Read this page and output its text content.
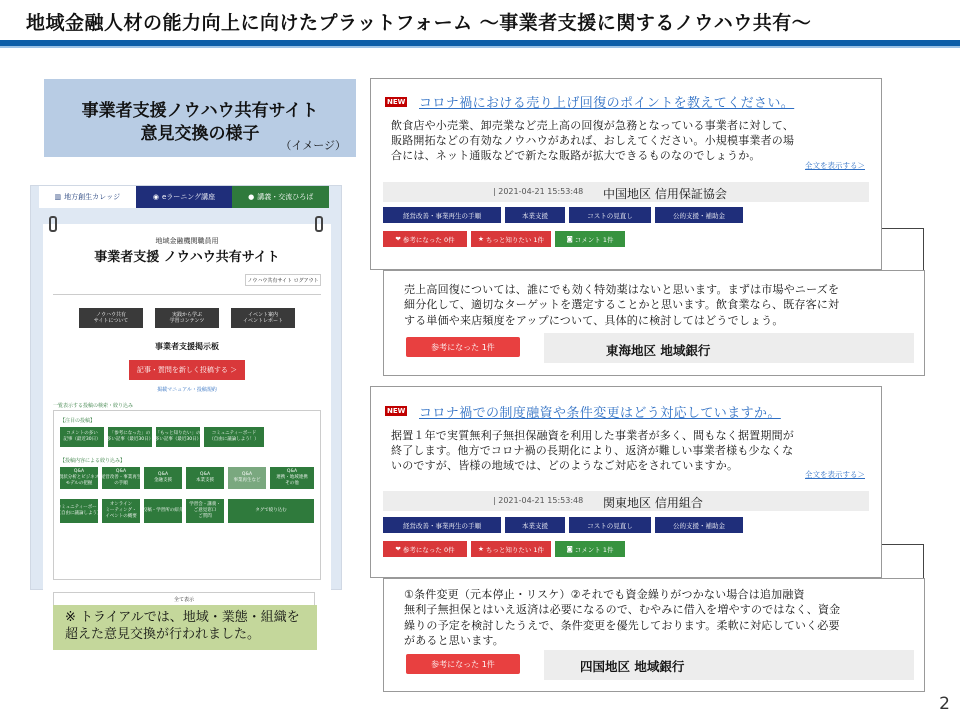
地域金融人材の能力向上に向けたプラットフォーム ～事業者支援に関するノウハウ共有～
事業者支援ノウハウ共有サイト
意見交換の様子
（イメージ）
▥ 地方創生カレッジ	◉ eラーニング講座	● 講義・交流ひろば
地域金融機関職員用
事業者支援 ノウハウ共有サイト
ノウハウ共有サイト ログアウト
ノウハウ共有
サイトについて
実践から学ぶ
学習コンテンツ
イベント案内
イベントレポート
事業者支援掲示板
記事・質問を新しく投稿する ＞
掲載マニュアル・投稿規約
一覧表示する投稿の検索・絞り込み
【注目の投稿】
コメントの多い
記事（最近30日）
「参考になった」の
多い記事（最近30日）
「もっと知りたい」の
多い記事（最近30日）
コミュニティーボード
（自由に議論しよう！）
【投稿内容による絞り込み】
Q&A
現状分析とビジネス
モデルの把握
Q&A
経営改善・事業再生
の手順
Q&A
金融支援
Q&A
本業支援
Q&A
事業再生など
Q&A
連携・地域連携
その他
コミュニティーボード
（自由に議論しよう）
オンライン
ミーティング・
イベントの概要
投稿・学習所の紹介
学習会・講義・
ご意見窓口
ご質問
タグで絞り込む
全て表示
※ トライアルでは、地域・業態・組織を
超えた意見交換が行われました。
NEW コロナ禍における売り上げ回復のポイントを教えてください。
飲食店や小売業、卸売業など売上高の回復が急務となっている事業者に対して、
販路開拓などの有効なノウハウがあれば、おしえてください。小規模事業者の場
合には、ネット通販などで新たな販路が拡大できるものなのでしょうか。
全文を表示する＞
| 2021-04-21 15:53:48 中国地区 信用保証協会
経営改善・事業再生の手順	本業支援	コストの見直し	公的支援・補助金
❤ 参考になった 0件	★ ちっと知りたい 1件	◙ コメント 1件
売上高回復については、誰にでも効く特効薬はないと思います。まずは市場やニーズを
細分化して、適切なターゲットを選定することかと思います。飲食業なら、既存客に対
する単価や来店頻度をアップについて、具体的に検討してはどうでしょう。
参考になった 1件	東海地区 地域銀行
NEW コロナ禍での制度融資や条件変更はどう対応していますか。
据置１年で実質無利子無担保融資を利用した事業者が多く、間もなく据置期間が
終了します。他方でコロナ禍の長期化により、返済が難しい事業者様も少なくな
いのですが、皆様の地域では、どのようなご対応をされていますか。
全文を表示する＞
| 2021-04-21 15:53:48 関東地区 信用組合
経営改善・事業再生の手順	本業支援	コストの見直し	公的支援・補助金
❤ 参考になった 0件	★ ちっと知りたい 1件	◙ コメント 1件
①条件変更（元本停止・リスケ）②それでも資金繰りがつかない場合は追加融資
無利子無担保とはいえ返済は必要になるので、むやみに借入を増やすのではなく、資金
繰りの予定を検討したうえで、条件変更を優先しております。柔軟に対応していく必要
があると思います。
参考になった 1件	四国地区 地域銀行
2
